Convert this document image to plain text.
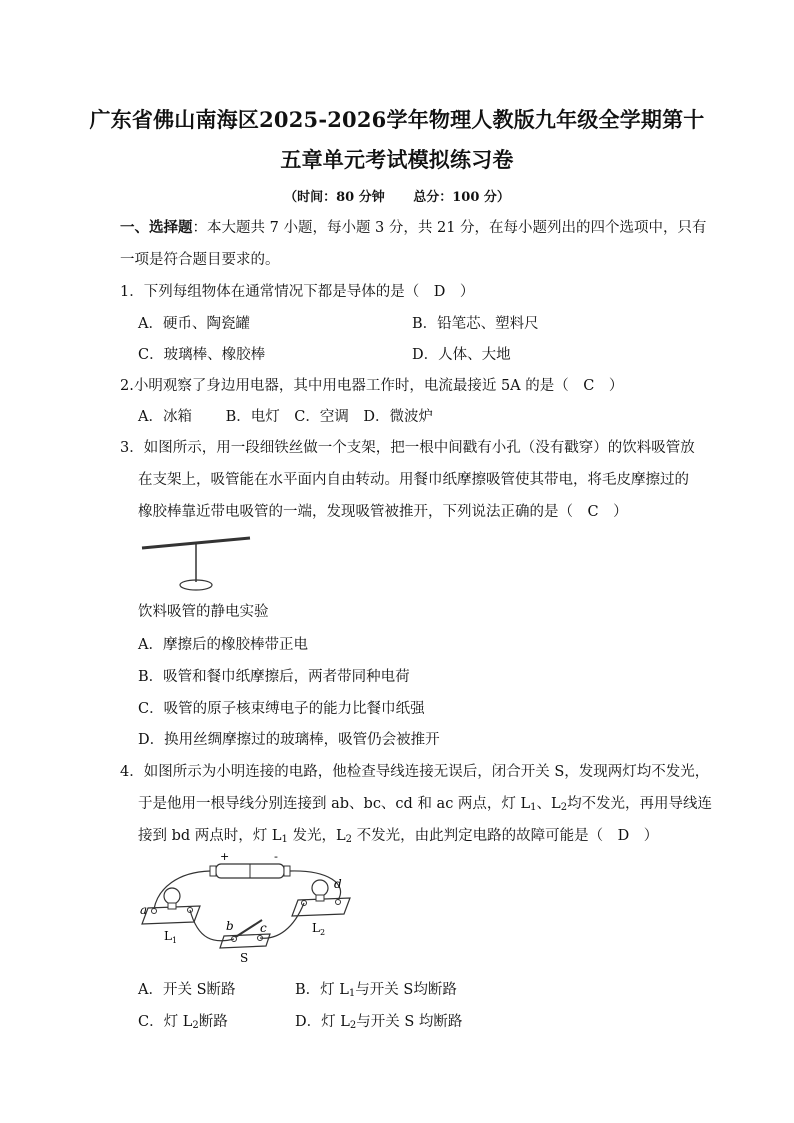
广东省佛山南海区2025-2026学年物理人教版九年级全学期第十
五章单元考试模拟练习卷
（时间：80 分钟 总分：100 分）
一、选择题：本大题共 7 小题，每小题 3 分，共 21 分，在每小题列出的四个选项中，只有
一项是符合题目要求的。
1．下列每组物体在通常情况下都是导体的是（　D　）
A．硬币、陶瓷罐	B．铅笔芯、塑料尺
C．玻璃棒、橡胶棒	D．人体、大地
2.小明观察了身边用电器，其中用电器工作时，电流最接近 5A 的是（　C　）
A．冰箱　　 B．电灯　C．空调　D．微波炉
3．如图所示，用一段细铁丝做一个支架，把一根中间戳有小孔（没有戳穿）的饮料吸管放
在支架上，吸管能在水平面内自由转动。用餐巾纸摩擦吸管使其带电，将毛皮摩擦过的
橡胶棒靠近带电吸管的一端，发现吸管被推开，下列说法正确的是（　C　）
饮料吸管的静电实验
A．摩擦后的橡胶棒带正电
B．吸管和餐巾纸摩擦后，两者带同种电荷
C．吸管的原子核束缚电子的能力比餐巾纸强
D．换用丝绸摩擦过的玻璃棒，吸管仍会被推开
4．如图所示为小明连接的电路，他检查导线连接无误后，闭合开关 S，发现两灯均不发光，
于是他用一根导线分别连接到 ab、bc、cd 和 ac 两点，灯 $L_1$、$L_2$均不发光，再用导线连
接到 bd 两点时，灯 $L_1$ 发光，$L_2$ 不发光，由此判定电路的故障可能是（　D　）
+	-
a
b c
d
$L_1$
$L_2$
S
A．开关 S断路	B．灯 $L_1$与开关 S均断路
C．灯 $L_2$断路	D．灯 $L_2$与开关 S 均断路
